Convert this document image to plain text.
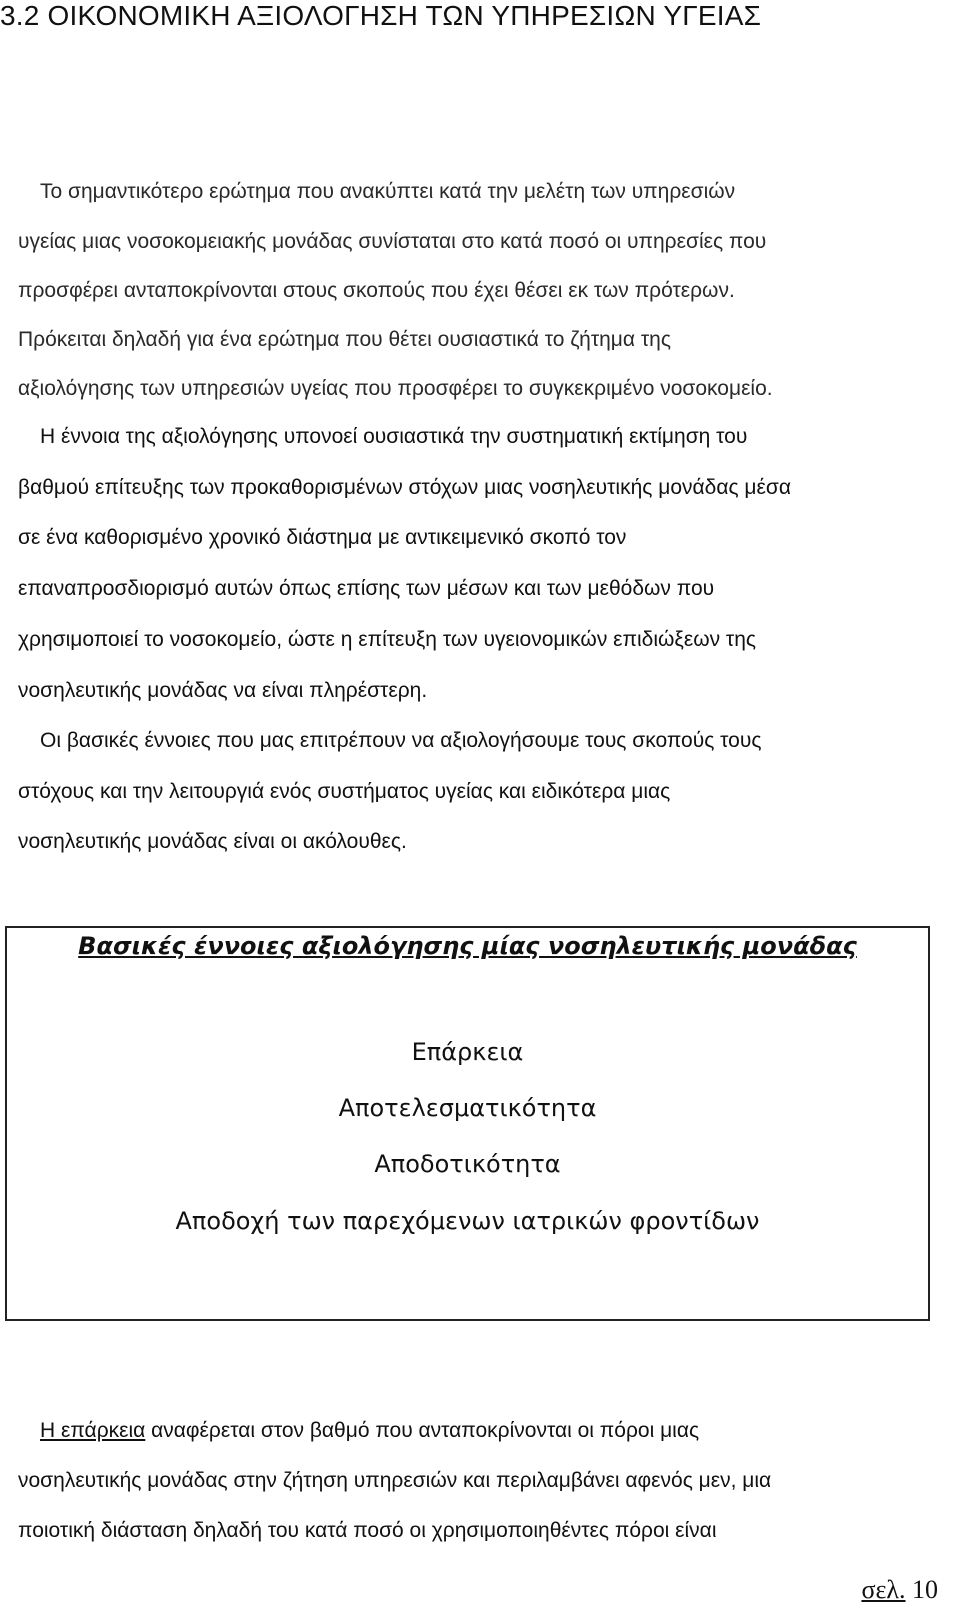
3.2 ΟΙΚΟΝΟΜΙΚΗ ΑΞΙΟΛΟΓΗΣΗ ΤΩΝ ΥΠΗΡΕΣΙΩΝ ΥΓΕΙΑΣ
Το σημαντικότερο ερώτημα που ανακύπτει κατά την μελέτη των υπηρεσιών
υγείας μιας νοσοκομειακής μονάδας συνίσταται στο κατά ποσό οι υπηρεσίες που
προσφέρει ανταποκρίνονται στους σκοπούς που έχει θέσει εκ των πρότερων.
Πρόκειται δηλαδή για ένα ερώτημα που θέτει ουσιαστικά το ζήτημα της
αξιολόγησης των υπηρεσιών υγείας που προσφέρει το συγκεκριμένο νοσοκομείο.
Η έννοια της αξιολόγησης υπονοεί ουσιαστικά την συστηματική εκτίμηση του
βαθμού επίτευξης των προκαθορισμένων στόχων μιας νοσηλευτικής μονάδας μέσα
σε ένα καθορισμένο χρονικό διάστημα με αντικειμενικό σκοπό τον
επαναπροσδιορισμό αυτών όπως επίσης των μέσων και των μεθόδων που
χρησιμοποιεί το νοσοκομείο, ώστε η επίτευξη των υγειονομικών επιδιώξεων της
νοσηλευτικής μονάδας να είναι πληρέστερη.
Οι βασικές έννοιες που μας επιτρέπουν να αξιολογήσουμε τους σκοπούς τους
στόχους και την λειτουργιά ενός συστήματος υγείας και ειδικότερα μιας
νοσηλευτικής μονάδας είναι οι ακόλουθες.
Βασικές έννοιες αξιολόγησης μίας νοσηλευτικής μονάδας
Επάρκεια
Αποτελεσματικότητα
Αποδοτικότητα
Αποδοχή των παρεχόμενων ιατρικών φροντίδων
Η επάρκεια αναφέρεται στον βαθμό που ανταποκρίνονται οι πόροι μιας
νοσηλευτικής μονάδας στην ζήτηση υπηρεσιών και περιλαμβάνει αφενός μεν, μια
ποιοτική διάσταση δηλαδή του κατά ποσό οι χρησιμοποιηθέντες πόροι είναι
σελ. 10
